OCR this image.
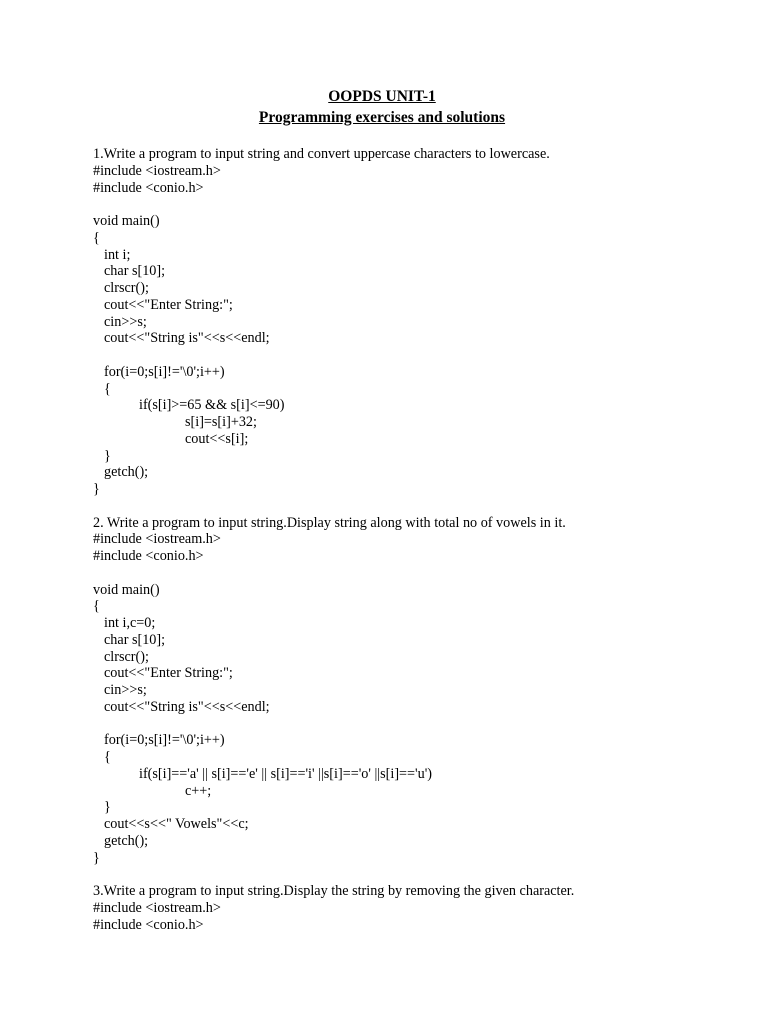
OOPDS UNIT-1
Programming exercises and solutions
1.Write a program to input string and convert uppercase characters to lowercase.
#include <iostream.h>
#include <conio.h>
void main()
{
int i;
char s[10];
clrscr();
cout<<"Enter String:";
cin>>s;
cout<<"String is"<<s<<endl;
for(i=0;s[i]!='\0';i++)
{
if(s[i]>=65 && s[i]<=90)
s[i]=s[i]+32;
cout<<s[i];
}
getch();
}
2. Write a program to input string.Display string along with total no of vowels in it.
#include <iostream.h>
#include <conio.h>
void main()
{
int i,c=0;
char s[10];
clrscr();
cout<<"Enter String:";
cin>>s;
cout<<"String is"<<s<<endl;
for(i=0;s[i]!='\0';i++)
{
if(s[i]=='a' || s[i]=='e' || s[i]=='i' ||s[i]=='o' ||s[i]=='u')
c++;
}
cout<<s<<" Vowels"<<c;
getch();
}
3.Write a program to input string.Display the string by removing the given character.
#include <iostream.h>
#include <conio.h>
